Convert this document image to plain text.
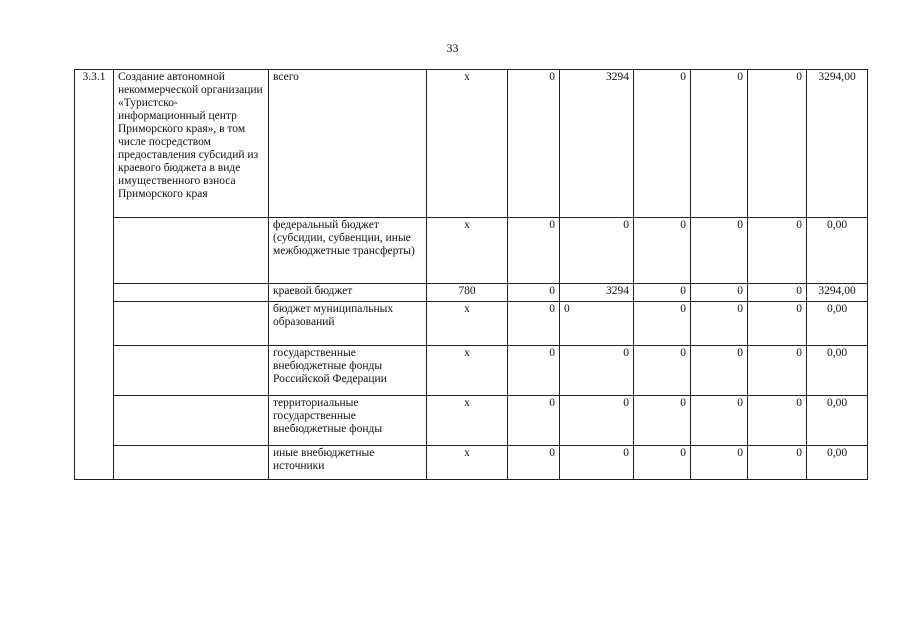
33
3.3.1	Создание автономной некоммерческой организации «Туристско-информационный центр Приморского края», в том числе посредством предоставления субсидий из краевого бюджета в виде имущественного взноса Приморского края	всего	х	0	3294	0	0	0	3294,00
		федеральный бюджет (субсидии, субвенции, иные межбюджетные трансферты)	х	0	0	0	0	0	0,00
		краевой бюджет	780	0	3294	0	0	0	3294,00
		бюджет муниципальных образований	х	0	0	0	0	0	0,00
		государственные внебюджетные фонды Российской Федерации	х	0	0	0	0	0	0,00
		территориальные государственные внебюджетные фонды	х	0	0	0	0	0	0,00
		иные внебюджетные источники	х	0	0	0	0	0	0,00
